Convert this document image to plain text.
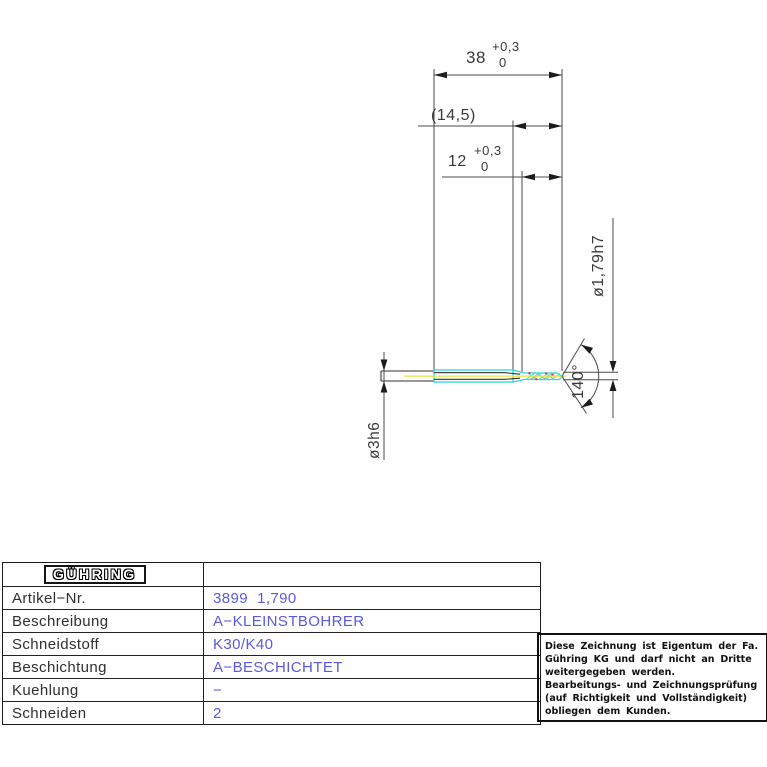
38
+0,3
0
(14,5)
12
+0,3
0
ø3h6
ø1,79h7
140°
GÜHRING
Artikel−Nr.	3899  1,790
Beschreibung	A−KLEINSTBOHRER
Schneidstoff	K30/K40
Beschichtung	A−BESCHICHTET
Kuehlung	−
Schneiden	2
Diese Zeichnung ist Eigentum der Fa.
Gühring KG und darf nicht an Dritte
weitergegeben werden.
Bearbeitungs- und Zeichnungsprüfung
(auf Richtigkeit und Vollständigkeit)
obliegen dem Kunden.
